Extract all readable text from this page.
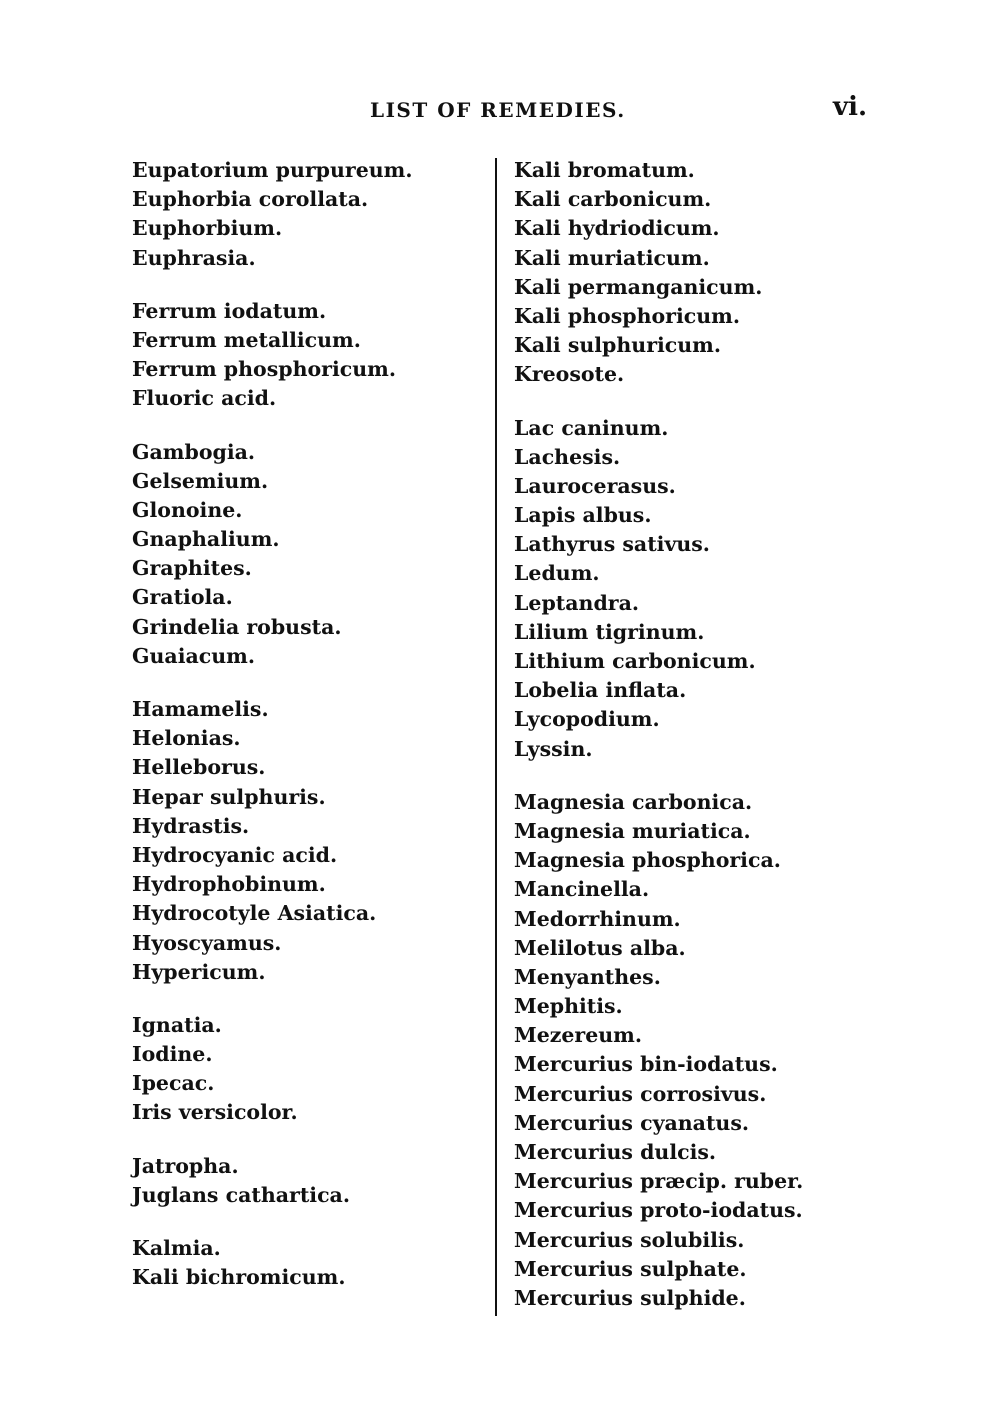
LIST OF REMEDIES.	vi.
Eupatorium purpureum.
Euphorbia corollata.
Euphorbium.
Euphrasia.
Ferrum iodatum.
Ferrum metallicum.
Ferrum phosphoricum.
Fluoric acid.
Gambogia.
Gelsemium.
Glonoine.
Gnaphalium.
Graphites.
Gratiola.
Grindelia robusta.
Guaiacum.
Hamamelis.
Helonias.
Helleborus.
Hepar sulphuris.
Hydrastis.
Hydrocyanic acid.
Hydrophobinum.
Hydrocotyle Asiatica.
Hyoscyamus.
Hypericum.
Ignatia.
Iodine.
Ipecac.
Iris versicolor.
Jatropha.
Juglans cathartica.
Kalmia.
Kali bichromicum.
Kali bromatum.
Kali carbonicum.
Kali hydriodicum.
Kali muriaticum.
Kali permanganicum.
Kali phosphoricum.
Kali sulphuricum.
Kreosote.
Lac caninum.
Lachesis.
Laurocerasus.
Lapis albus.
Lathyrus sativus.
Ledum.
Leptandra.
Lilium tigrinum.
Lithium carbonicum.
Lobelia inflata.
Lycopodium.
Lyssin.
Magnesia carbonica.
Magnesia muriatica.
Magnesia phosphorica.
Mancinella.
Medorrhinum.
Melilotus alba.
Menyanthes.
Mephitis.
Mezereum.
Mercurius bin-iodatus.
Mercurius corrosivus.
Mercurius cyanatus.
Mercurius dulcis.
Mercurius præcip. ruber.
Mercurius proto-iodatus.
Mercurius solubilis.
Mercurius sulphate.
Mercurius sulphide.
